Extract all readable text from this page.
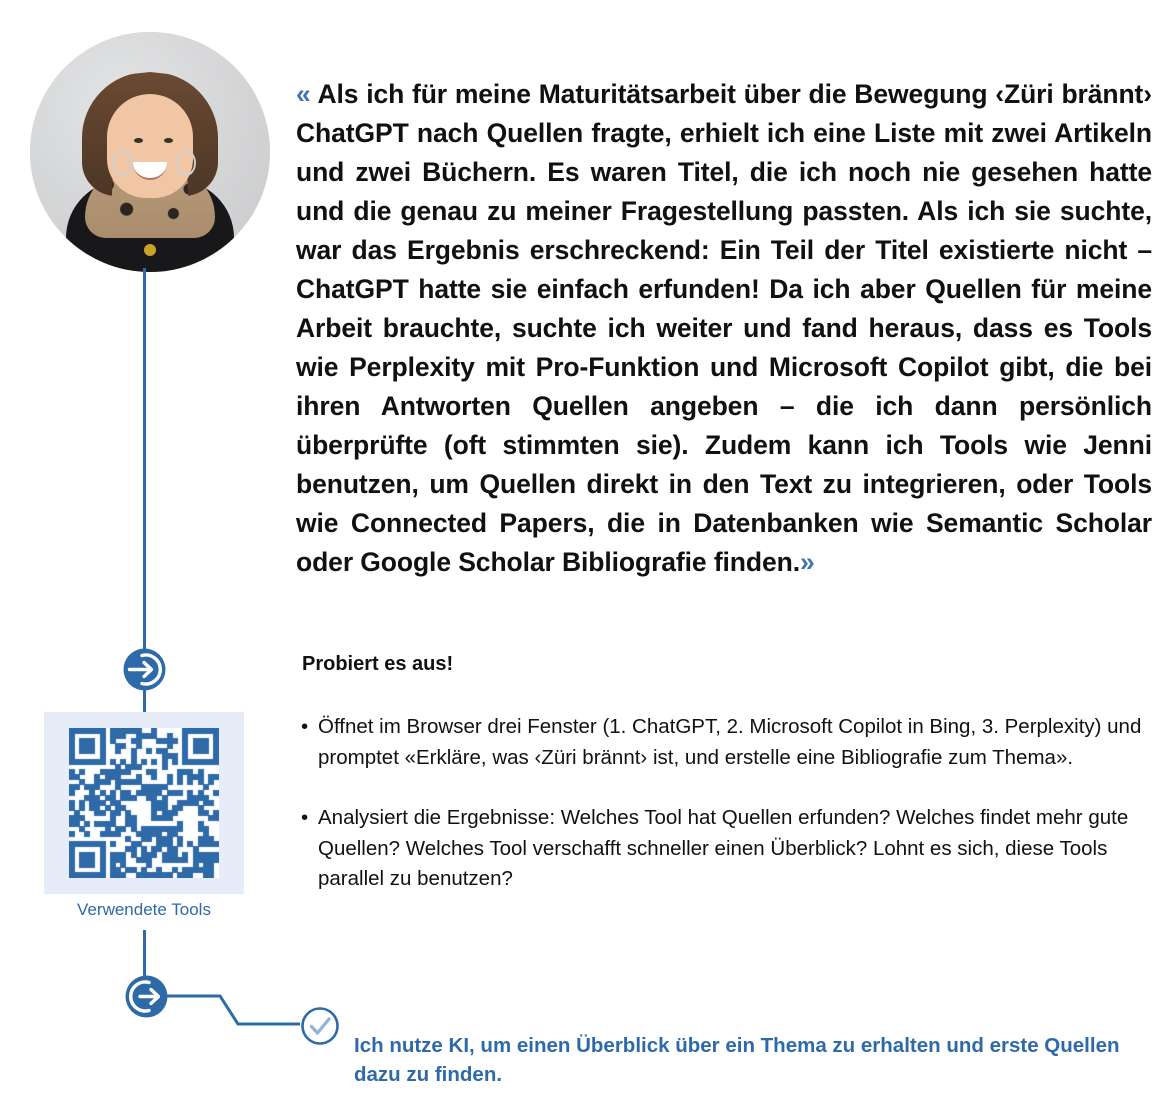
Verwendete Tools

« Als ich für meine Maturitätsarbeit über die Bewegung ‹Züri brännt› ChatGPT nach Quellen fragte, erhielt ich eine Liste mit zwei Artikeln und zwei Büchern. Es waren Titel, die ich noch nie gesehen hatte und die genau zu meiner Fragestellung passten. Als ich sie suchte, war das Ergebnis erschreckend: Ein Teil der Titel existierte nicht – ChatGPT hatte sie einfach erfunden! Da ich aber Quellen für meine Arbeit brauchte, suchte ich weiter und fand heraus, dass es Tools wie Perplexity mit Pro-Funktion und Microsoft Copilot gibt, die bei ihren Antworten Quellen angeben – die ich dann persönlich überprüfte (oft stimmten sie). Zudem kann ich Tools wie Jenni benutzen, um Quellen direkt in den Text zu integrieren, oder Tools wie Connected Papers, die in Datenbanken wie Semantic Scholar oder Google Scholar Bibliografie finden.»

Probiert es aus!
• Öffnet im Browser drei Fenster (1. ChatGPT, 2. Microsoft Copilot in Bing, 3. Perplexity) und promptet «Erkläre, was ‹Züri brännt› ist, und erstelle eine Bibliografie zum Thema».
• Analysiert die Ergebnisse: Welches Tool hat Quellen erfunden? Welches findet mehr gute Quellen? Welches Tool verschafft schneller einen Überblick? Lohnt es sich, diese Tools parallel zu benutzen?

Ich nutze KI, um einen Überblick über ein Thema zu erhalten und erste Quellen dazu zu finden.
